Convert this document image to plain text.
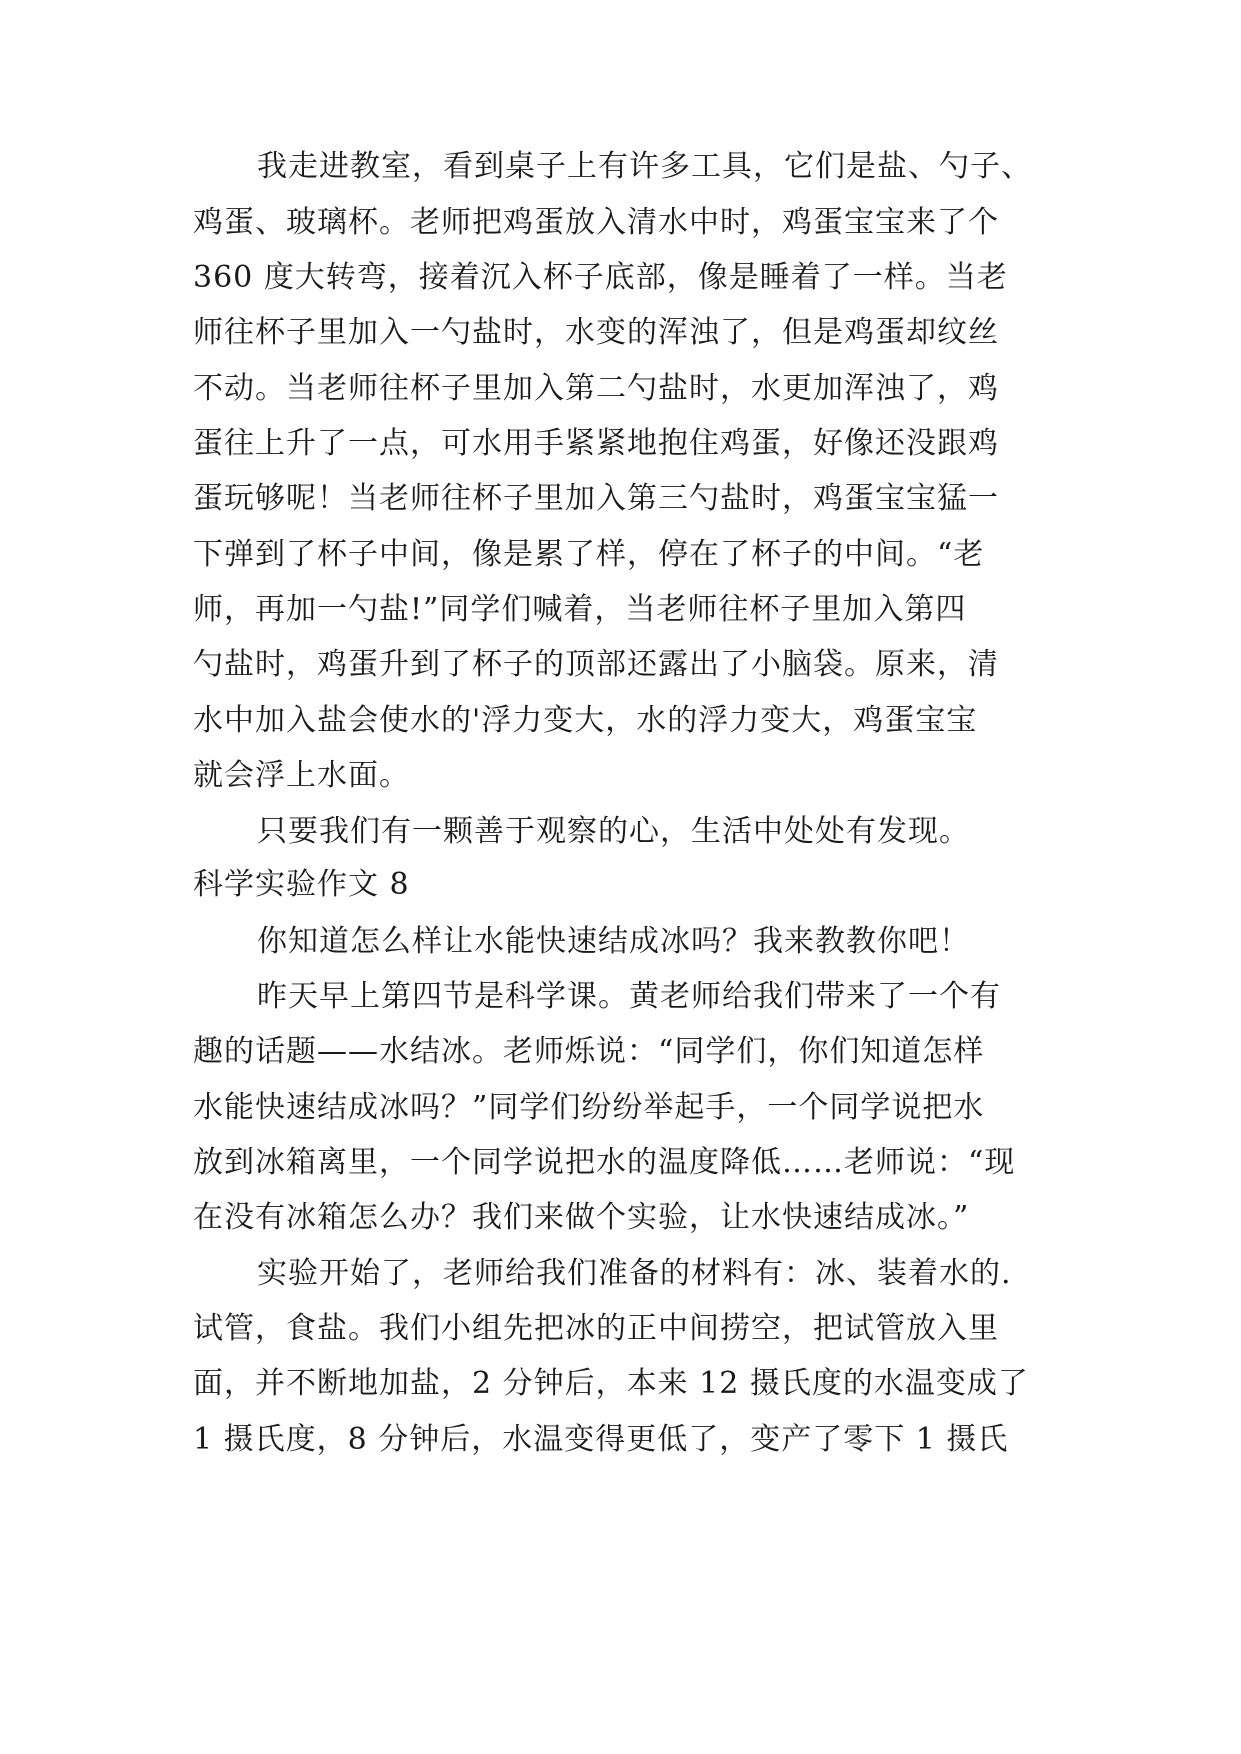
我走进教室，看到桌子上有许多工具，它们是盐、勺子、
鸡蛋、玻璃杯。老师把鸡蛋放入清水中时，鸡蛋宝宝来了个
360 度大转弯，接着沉入杯子底部，像是睡着了一样。当老
师往杯子里加入一勺盐时，水变的浑浊了，但是鸡蛋却纹丝
不动。当老师往杯子里加入第二勺盐时，水更加浑浊了，鸡
蛋往上升了一点，可水用手紧紧地抱住鸡蛋，好像还没跟鸡
蛋玩够呢！当老师往杯子里加入第三勺盐时，鸡蛋宝宝猛一
下弹到了杯子中间，像是累了样，停在了杯子的中间。“老
师，再加一勺盐!”同学们喊着，当老师往杯子里加入第四
勺盐时，鸡蛋升到了杯子的顶部还露出了小脑袋。原来，清
水中加入盐会使水的'浮力变大，水的浮力变大，鸡蛋宝宝
就会浮上水面。
只要我们有一颗善于观察的心，生活中处处有发现。
科学实验作文 8
你知道怎么样让水能快速结成冰吗？我来教教你吧！
昨天早上第四节是科学课。黄老师给我们带来了一个有
趣的话题——水结冰。老师烁说：“同学们，你们知道怎样
水能快速结成冰吗？”同学们纷纷举起手，一个同学说把水
放到冰箱离里，一个同学说把水的温度降低……老师说：“现
在没有冰箱怎么办？我们来做个实验，让水快速结成冰。”
实验开始了，老师给我们准备的材料有：冰、装着水的.
试管，食盐。我们小组先把冰的正中间捞空，把试管放入里
面，并不断地加盐，2 分钟后，本来 12 摄氏度的水温变成了
1 摄氏度，8 分钟后，水温变得更低了，变产了零下 1 摄氏
